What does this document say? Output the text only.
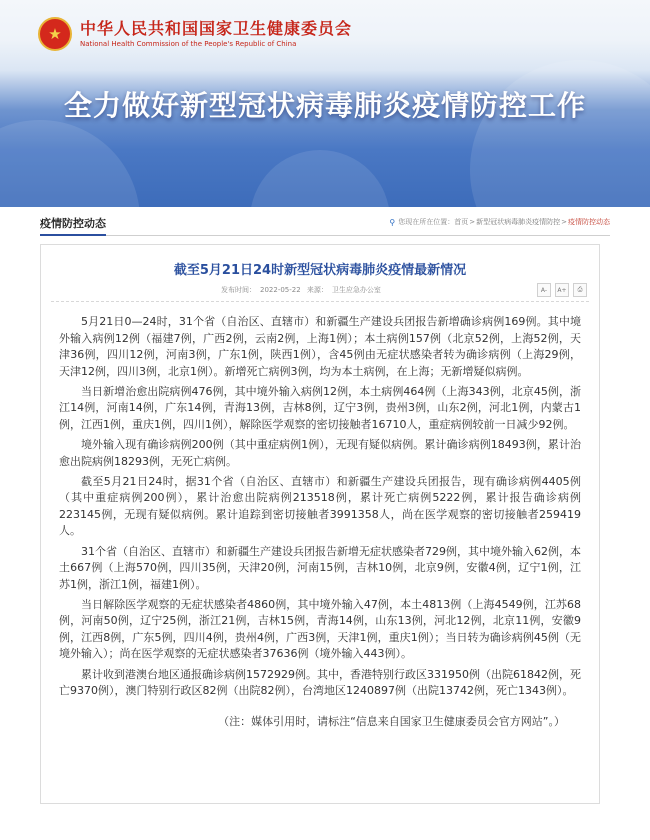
★ 中华人民共和国国家卫生健康委员会
National Health Commission of the People's Republic of China
全力做好新型冠状病毒肺炎疫情防控工作
疫情防控动态	⚲ 您现在所在位置： 首页 > 新型冠状病毒肺炎疫情防控 > 疫情防控动态
截至5月21日24时新型冠状病毒肺炎疫情最新情况
发布时间： 2022-05-22 来源： 卫生应急办公室	A-	A+	⎙

5月21日0—24时，31个省（自治区、直辖市）和新疆生产建设兵团报告新增确诊病例169例。其中境外输入病例12例（福建7例，广西2例，云南2例，上海1例）；本土病例157例（北京52例，上海52例，天津36例，四川12例，河南3例，广东1例，陕西1例），含45例由无症状感染者转为确诊病例（上海29例，天津12例，四川3例，北京1例）。新增死亡病例3例，均为本土病例，在上海；无新增疑似病例。

当日新增治愈出院病例476例，其中境外输入病例12例，本土病例464例（上海343例，北京45例，浙江14例，河南14例，广东14例，青海13例，吉林8例，辽宁3例，贵州3例，山东2例，河北1例，内蒙古1例，江西1例，重庆1例，四川1例），解除医学观察的密切接触者16710人，重症病例较前一日减少92例。

境外输入现有确诊病例200例（其中重症病例1例），无现有疑似病例。累计确诊病例18493例，累计治愈出院病例18293例，无死亡病例。

截至5月21日24时，据31个省（自治区、直辖市）和新疆生产建设兵团报告，现有确诊病例4405例（其中重症病例200例），累计治愈出院病例213518例，累计死亡病例5222例，累计报告确诊病例223145例，无现有疑似病例。累计追踪到密切接触者3991358人，尚在医学观察的密切接触者259419人。

31个省（自治区、直辖市）和新疆生产建设兵团报告新增无症状感染者729例，其中境外输入62例，本土667例（上海570例，四川35例，天津20例，河南15例，吉林10例，北京9例，安徽4例，辽宁1例，江苏1例，浙江1例，福建1例）。

当日解除医学观察的无症状感染者4860例，其中境外输入47例，本土4813例（上海4549例，江苏68例，河南50例，辽宁25例，浙江21例，吉林15例，青海14例，山东13例，河北12例，北京11例，安徽9例，江西8例，广东5例，四川4例，贵州4例，广西3例，天津1例，重庆1例）；当日转为确诊病例45例（无境外输入）；尚在医学观察的无症状感染者37636例（境外输入443例）。

累计收到港澳台地区通报确诊病例1572929例。其中，香港特别行政区331950例（出院61842例，死亡9370例），澳门特别行政区82例（出院82例），台湾地区1240897例（出院13742例，死亡1343例）。

（注：媒体引用时，请标注“信息来自国家卫生健康委员会官方网站”。）
